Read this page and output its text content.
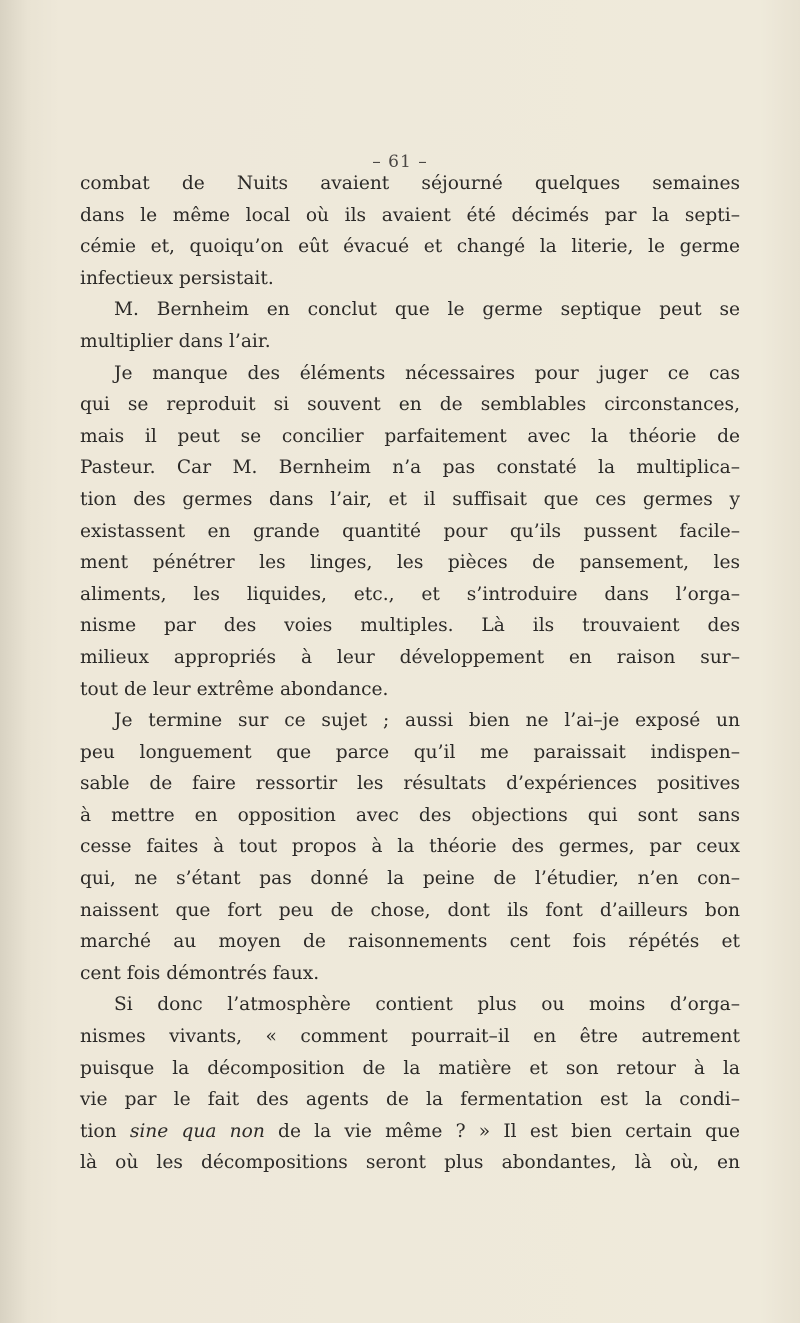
– 61 –
combat de Nuits avaient séjourné quelques semaines
dans le même local où ils avaient été décimés par la septi–
cémie et, quoiqu’on eût évacué et changé la literie, le germe
infectieux persistait.
M. Bernheim en conclut que le germe septique peut se
multiplier dans l’air.
Je manque des éléments nécessaires pour juger ce cas
qui se reproduit si souvent en de semblables circonstances,
mais il peut se concilier parfaitement avec la théorie de
Pasteur. Car M. Bernheim n’a pas constaté la multiplica–
tion des germes dans l’air, et il suffisait que ces germes y
existassent en grande quantité pour qu’ils pussent facile–
ment pénétrer les linges, les pièces de pansement, les
aliments, les liquides, etc., et s’introduire dans l’orga–
nisme par des voies multiples. Là ils trouvaient des
milieux appropriés à leur développement en raison sur–
tout de leur extrême abondance.
Je termine sur ce sujet ; aussi bien ne l’ai–je exposé un
peu longuement que parce qu’il me paraissait indispen–
sable de faire ressortir les résultats d’expériences positives
à mettre en opposition avec des objections qui sont sans
cesse faites à tout propos à la théorie des germes, par ceux
qui, ne s’étant pas donné la peine de l’étudier, n’en con–
naissent que fort peu de chose, dont ils font d’ailleurs bon
marché au moyen de raisonnements cent fois répétés et
cent fois démontrés faux.
Si donc l’atmosphère contient plus ou moins d’orga–
nismes vivants, « comment pourrait–il en être autrement
puisque la décomposition de la matière et son retour à la
vie par le fait des agents de la fermentation est la condi–
tion sine qua non de la vie même ? » Il est bien certain que
là où les décompositions seront plus abondantes, là où, en
